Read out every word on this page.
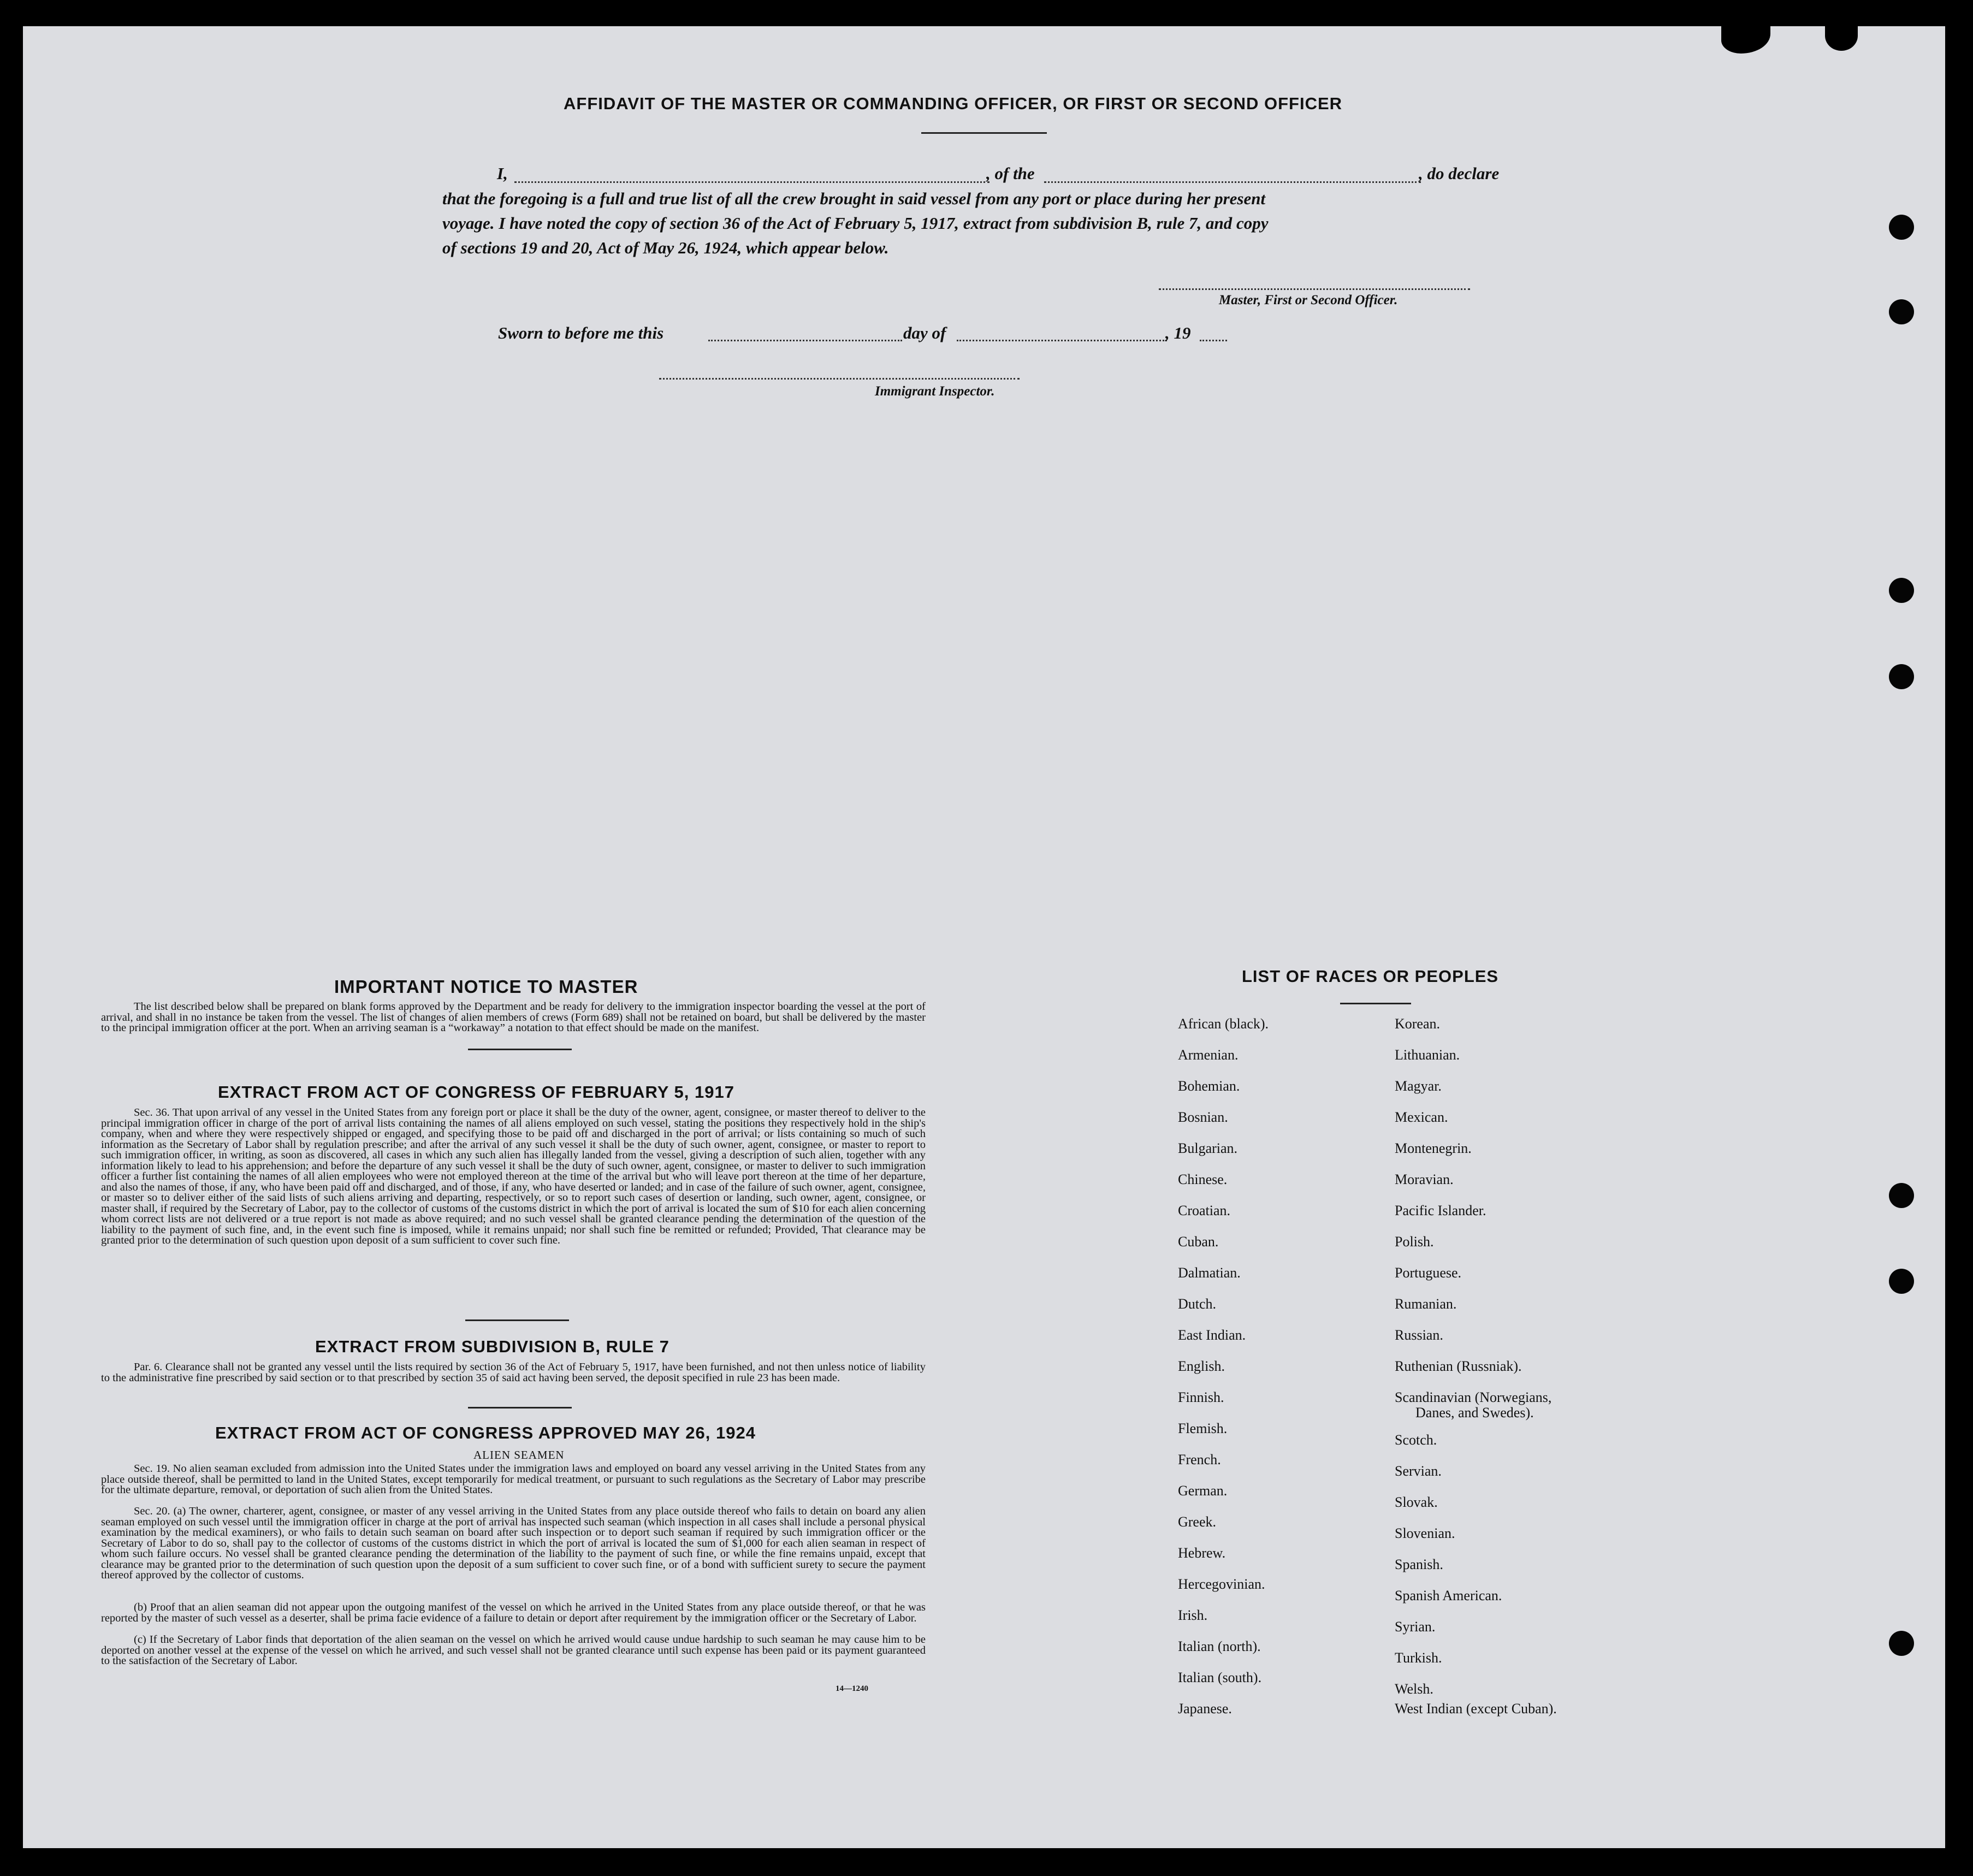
AFFIDAVIT OF THE MASTER OR COMMANDING OFFICER, OR FIRST OR SECOND OFFICER
I,	, of the	, do declare
that the foregoing is a full and true list of all the crew brought in said vessel from any port or place during her present
voyage. I have noted the copy of section 36 of the Act of February 5, 1917, extract from subdivision B, rule 7, and copy
of sections 19 and 20, Act of May 26, 1924, which appear below.
Master, First or Second Officer.
Sworn to before me this	day of	, 19
Immigrant Inspector.
IMPORTANT NOTICE TO MASTER
The list described below shall be prepared on blank forms approved by the Department and be ready for delivery to the immigration inspector boarding the vessel at the port of arrival, and shall in no instance be taken from the vessel. The list of changes of alien members of crews (Form 689) shall not be retained on board, but shall be delivered by the master to the principal immigration officer at the port. When an arriving seaman is a “workaway” a notation to that effect should be made on the manifest.
EXTRACT FROM ACT OF CONGRESS OF FEBRUARY 5, 1917
Sec. 36. That upon arrival of any vessel in the United States from any foreign port or place it shall be the duty of the owner, agent, consignee, or master thereof to deliver to the principal immigration officer in charge of the port of arrival lists containing the names of all aliens employed on such vessel, stating the positions they respectively hold in the ship's company, when and where they were respectively shipped or engaged, and specifying those to be paid off and discharged in the port of arrival; or lists containing so much of such information as the Secretary of Labor shall by regulation prescribe; and after the arrival of any such vessel it shall be the duty of such owner, agent, consignee, or master to report to such immigration officer, in writing, as soon as discovered, all cases in which any such alien has illegally landed from the vessel, giving a description of such alien, together with any information likely to lead to his apprehension; and before the departure of any such vessel it shall be the duty of such owner, agent, consignee, or master to deliver to such immigration officer a further list containing the names of all alien employees who were not employed thereon at the time of the arrival but who will leave port thereon at the time of her departure, and also the names of those, if any, who have been paid off and discharged, and of those, if any, who have deserted or landed; and in case of the failure of such owner, agent, consignee, or master so to deliver either of the said lists of such aliens arriving and departing, respectively, or so to report such cases of desertion or landing, such owner, agent, consignee, or master shall, if required by the Secretary of Labor, pay to the collector of customs of the customs district in which the port of arrival is located the sum of $10 for each alien concerning whom correct lists are not delivered or a true report is not made as above required; and no such vessel shall be granted clearance pending the determination of the question of the liability to the payment of such fine, and, in the event such fine is imposed, while it remains unpaid; nor shall such fine be remitted or refunded; Provided, That clearance may be granted prior to the determination of such question upon deposit of a sum sufficient to cover such fine.
EXTRACT FROM SUBDIVISION B, RULE 7
Par. 6. Clearance shall not be granted any vessel until the lists required by section 36 of the Act of February 5, 1917, have been furnished, and not then unless notice of liability to the administrative fine prescribed by said section or to that prescribed by section 35 of said act having been served, the deposit specified in rule 23 has been made.
EXTRACT FROM ACT OF CONGRESS APPROVED MAY 26, 1924
ALIEN SEAMEN
Sec. 19. No alien seaman excluded from admission into the United States under the immigration laws and employed on board any vessel arriving in the United States from any place outside thereof, shall be permitted to land in the United States, except temporarily for medical treatment, or pursuant to such regulations as the Secretary of Labor may prescribe for the ultimate departure, removal, or deportation of such alien from the United States.
Sec. 20. (a) The owner, charterer, agent, consignee, or master of any vessel arriving in the United States from any place outside thereof who fails to detain on board any alien seaman employed on such vessel until the immigration officer in charge at the port of arrival has inspected such seaman (which inspection in all cases shall include a personal physical examination by the medical examiners), or who fails to detain such seaman on board after such inspection or to deport such seaman if required by such immigration officer or the Secretary of Labor to do so, shall pay to the collector of customs of the customs district in which the port of arrival is located the sum of $1,000 for each alien seaman in respect of whom such failure occurs. No vessel shall be granted clearance pending the determination of the liability to the payment of such fine, or while the fine remains unpaid, except that clearance may be granted prior to the determination of such question upon the deposit of a sum sufficient to cover such fine, or of a bond with sufficient surety to secure the payment thereof approved by the collector of customs.
(b) Proof that an alien seaman did not appear upon the outgoing manifest of the vessel on which he arrived in the United States from any place outside thereof, or that he was reported by the master of such vessel as a deserter, shall be prima facie evidence of a failure to detain or deport after requirement by the immigration officer or the Secretary of Labor.
(c) If the Secretary of Labor finds that deportation of the alien seaman on the vessel on which he arrived would cause undue hardship to such seaman he may cause him to be deported on another vessel at the expense of the vessel on which he arrived, and such vessel shall not be granted clearance until such expense has been paid or its payment guaranteed to the satisfaction of the Secretary of Labor.
14—1240
LIST OF RACES OR PEOPLES
African (black).
Armenian.
Bohemian.
Bosnian.
Bulgarian.
Chinese.
Croatian.
Cuban.
Dalmatian.
Dutch.
East Indian.
English.
Finnish.
Flemish.
French.
German.
Greek.
Hebrew.
Hercegovinian.
Irish.
Italian (north).
Italian (south).
Japanese.
Korean.
Lithuanian.
Magyar.
Mexican.
Montenegrin.
Moravian.
Pacific Islander.
Polish.
Portuguese.
Rumanian.
Russian.
Ruthenian (Russniak).
Scandinavian (Norwegians,
Danes, and Swedes).
Scotch.
Servian.
Slovak.
Slovenian.
Spanish.
Spanish American.
Syrian.
Turkish.
Welsh.
West Indian (except Cuban).
